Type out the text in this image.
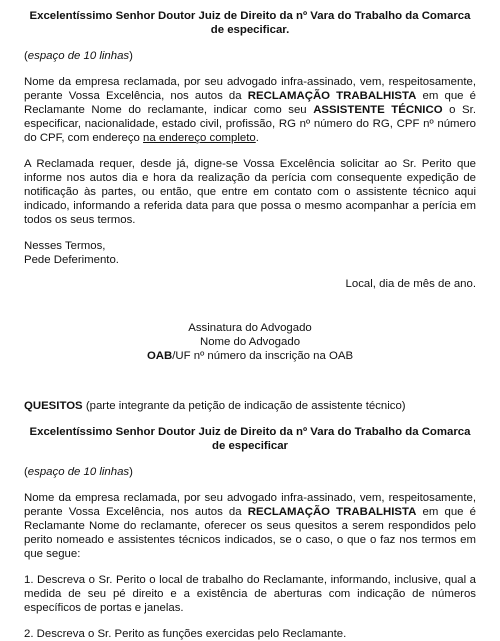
Excelentíssimo Senhor Doutor Juiz de Direito da nº Vara do Trabalho da Comarca
de especificar.

(espaço de 10 linhas)

Nome da empresa reclamada, por seu advogado infra-assinado, vem, respeitosamente, perante Vossa Excelência, nos autos da RECLAMAÇÃO TRABALHISTA em que é Reclamante Nome do reclamante, indicar como seu ASSISTENTE TÉCNICO o Sr. especificar, nacionalidade, estado civil, profissão, RG nº número do RG, CPF nº número do CPF, com endereço na endereço completo.

A Reclamada requer, desde já, digne-se Vossa Excelência solicitar ao Sr. Perito que informe nos autos dia e hora da realização da perícia com consequente expedição de notificação às partes, ou então, que entre em contato com o assistente técnico aqui indicado, informando a referida data para que possa o mesmo acompanhar a perícia em todos os seus termos.

Nesses Termos,
Pede Deferimento.

Local, dia de mês de ano.

Assinatura do Advogado
Nome do Advogado
OAB/UF nº número da inscrição na OAB

QUESITOS (parte integrante da petição de indicação de assistente técnico)

Excelentíssimo Senhor Doutor Juiz de Direito da nº Vara do Trabalho da Comarca
de especificar

(espaço de 10 linhas)

Nome da empresa reclamada, por seu advogado infra-assinado, vem, respeitosamente, perante Vossa Excelência, nos autos da RECLAMAÇÃO TRABALHISTA em que é Reclamante Nome do reclamante, oferecer os seus quesitos a serem respondidos pelo perito nomeado e assistentes técnicos indicados, se o caso, o que o faz nos termos em que segue:

1. Descreva o Sr. Perito o local de trabalho do Reclamante, informando, inclusive, qual a medida de seu pé direito e a existência de aberturas com indicação de números específicos de portas e janelas.

2. Descreva o Sr. Perito as funções exercidas pelo Reclamante.
